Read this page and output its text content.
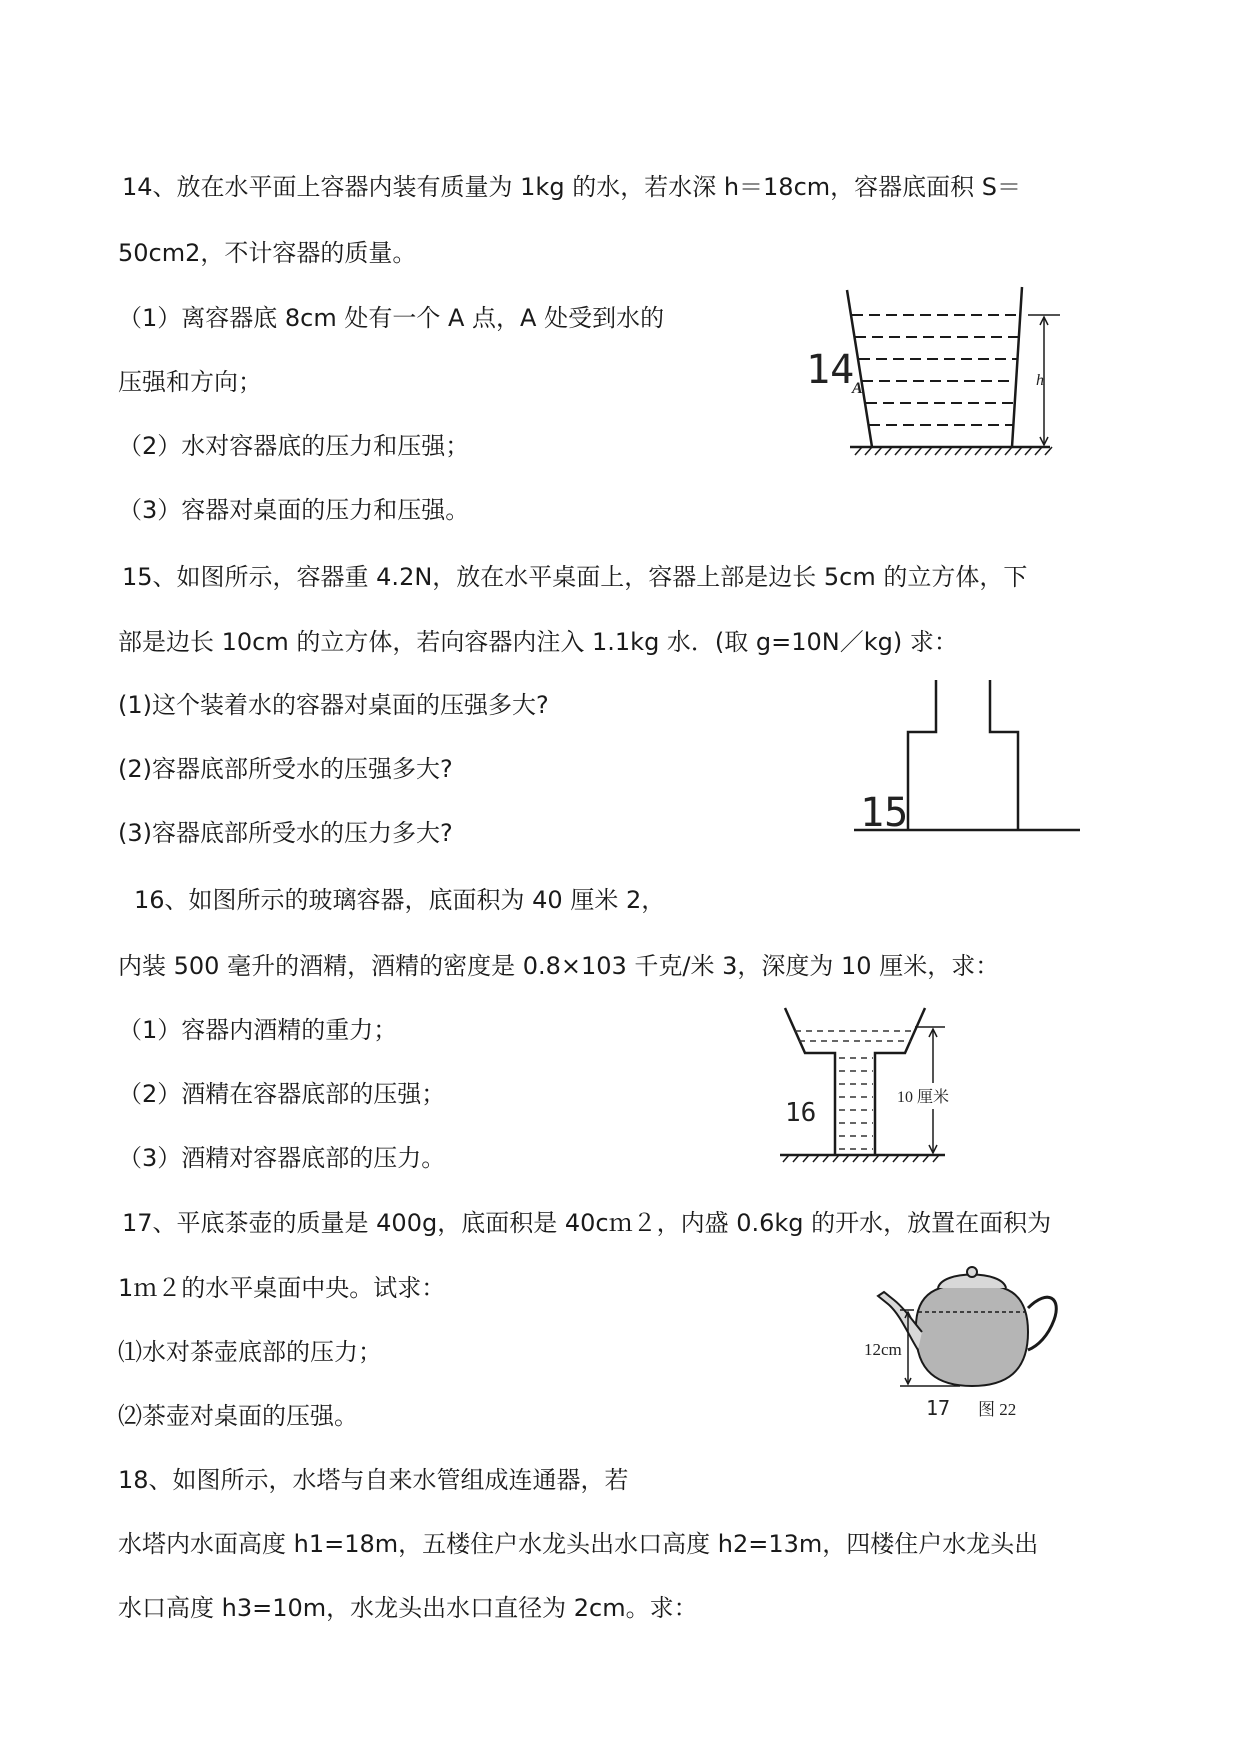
14、放在水平面上容器内装有质量为 1kg 的水，若水深 h＝18cm，容器底面积 S＝
50cm2，不计容器的质量。
（1）离容器底 8cm 处有一个 A 点，A 处受到水的
压强和方向；
（2）水对容器底的压力和压强；
（3）容器对桌面的压力和压强。
h
A
14
15、如图所示，容器重 4.2N，放在水平桌面上，容器上部是边长 5cm 的立方体，下
部是边长 10cm 的立方体，若向容器内注入 1.1kg 水．(取 g=10N／kg) 求：
(1)这个装着水的容器对桌面的压强多大?
(2)容器底部所受水的压强多大?
(3)容器底部所受水的压力多大?	15
16、如图所示的玻璃容器，底面积为 40 厘米 2，
内装 500 毫升的酒精，酒精的密度是 0.8×103 千克/米 3，深度为 10 厘米，求：
（1）容器内酒精的重力；
（2）酒精在容器底部的压强；
（3）酒精对容器底部的压力。
10 厘米
16
17、平底茶壶的质量是 400g，底面积是 40cｍ２，内盛 0.6kg 的开水，放置在面积为
1ｍ２的水平桌面中央。试求：
⑴水对茶壶底部的压力；
⑵茶壶对桌面的压强。
12cm
图 22
17
18、如图所示，水塔与自来水管组成连通器，若
水塔内水面高度 h1=18m，五楼住户水龙头出水口高度 h2=13m，四楼住户水龙头出
水口高度 h3=10m，水龙头出水口直径为 2cm。求：
